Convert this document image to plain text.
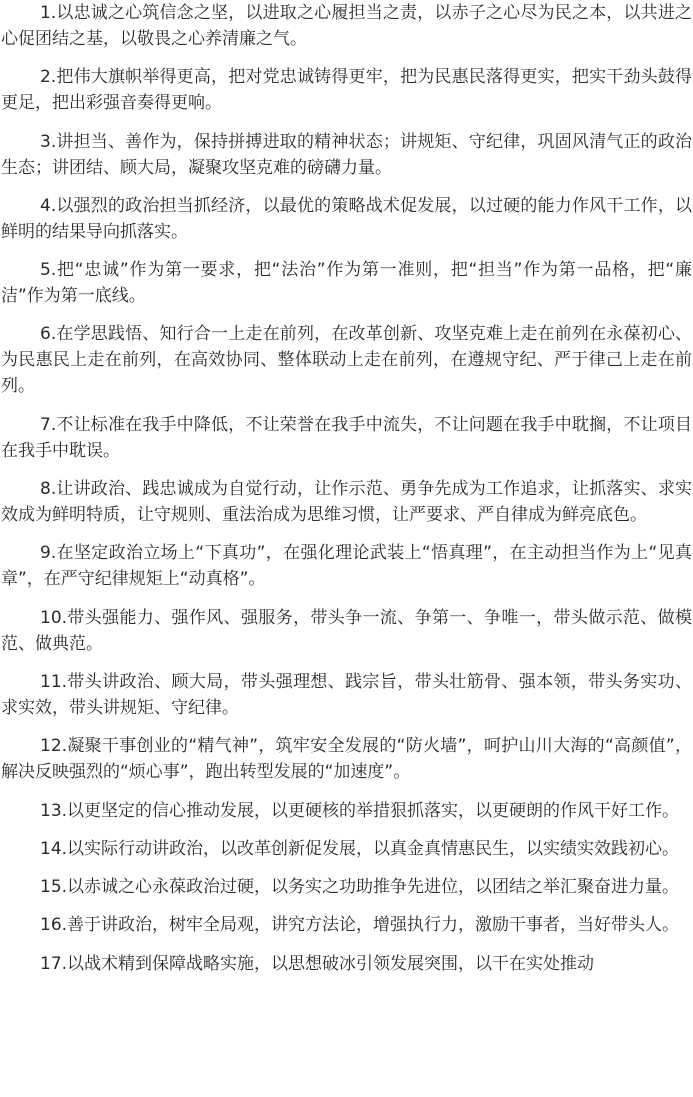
1.以忠诚之心筑信念之坚，以进取之心履担当之责，以赤子之心尽为民之本，以共进之心促团结之基，以敬畏之心养清廉之气。

2.把伟大旗帜举得更高，把对党忠诚铸得更牢，把为民惠民落得更实，把实干劲头鼓得更足，把出彩强音奏得更响。

3.讲担当、善作为，保持拼搏进取的精神状态；讲规矩、守纪律，巩固风清气正的政治生态；讲团结、顾大局，凝聚攻坚克难的磅礴力量。

4.以强烈的政治担当抓经济，以最优的策略战术促发展，以过硬的能力作风干工作，以鲜明的结果导向抓落实。

5.把“忠诚”作为第一要求，把“法治”作为第一准则，把“担当”作为第一品格，把“廉洁”作为第一底线。

6.在学思践悟、知行合一上走在前列，在改革创新、攻坚克难上走在前列在永葆初心、为民惠民上走在前列，在高效协同、整体联动上走在前列，在遵规守纪、严于律己上走在前列。

7.不让标准在我手中降低，不让荣誉在我手中流失，不让问题在我手中耽搁，不让项目在我手中耽误。

8.让讲政治、践忠诚成为自觉行动，让作示范、勇争先成为工作追求，让抓落实、求实效成为鲜明特质，让守规则、重法治成为思维习惯，让严要求、严自律成为鲜亮底色。

9.在坚定政治立场上“下真功”，在强化理论武装上“悟真理”，在主动担当作为上“见真章”，在严守纪律规矩上“动真格”。

10.带头强能力、强作风、强服务，带头争一流、争第一、争唯一，带头做示范、做模范、做典范。

11.带头讲政治、顾大局，带头强理想、践宗旨，带头壮筋骨、强本领，带头务实功、求实效，带头讲规矩、守纪律。

12.凝聚干事创业的“精气神”，筑牢安全发展的“防火墙”，呵护山川大海的“高颜值”，解决反映强烈的“烦心事”，跑出转型发展的“加速度”。

13.以更坚定的信心推动发展，以更硬核的举措狠抓落实，以更硬朗的作风干好工作。

14.以实际行动讲政治，以改革创新促发展，以真金真情惠民生，以实绩实效践初心。

15.以赤诚之心永葆政治过硬，以务实之功助推争先进位，以团结之举汇聚奋进力量。

16.善于讲政治，树牢全局观，讲究方法论，增强执行力，激励干事者，当好带头人。

17.以战术精到保障战略实施，以思想破冰引领发展突围，以干在实处推动
